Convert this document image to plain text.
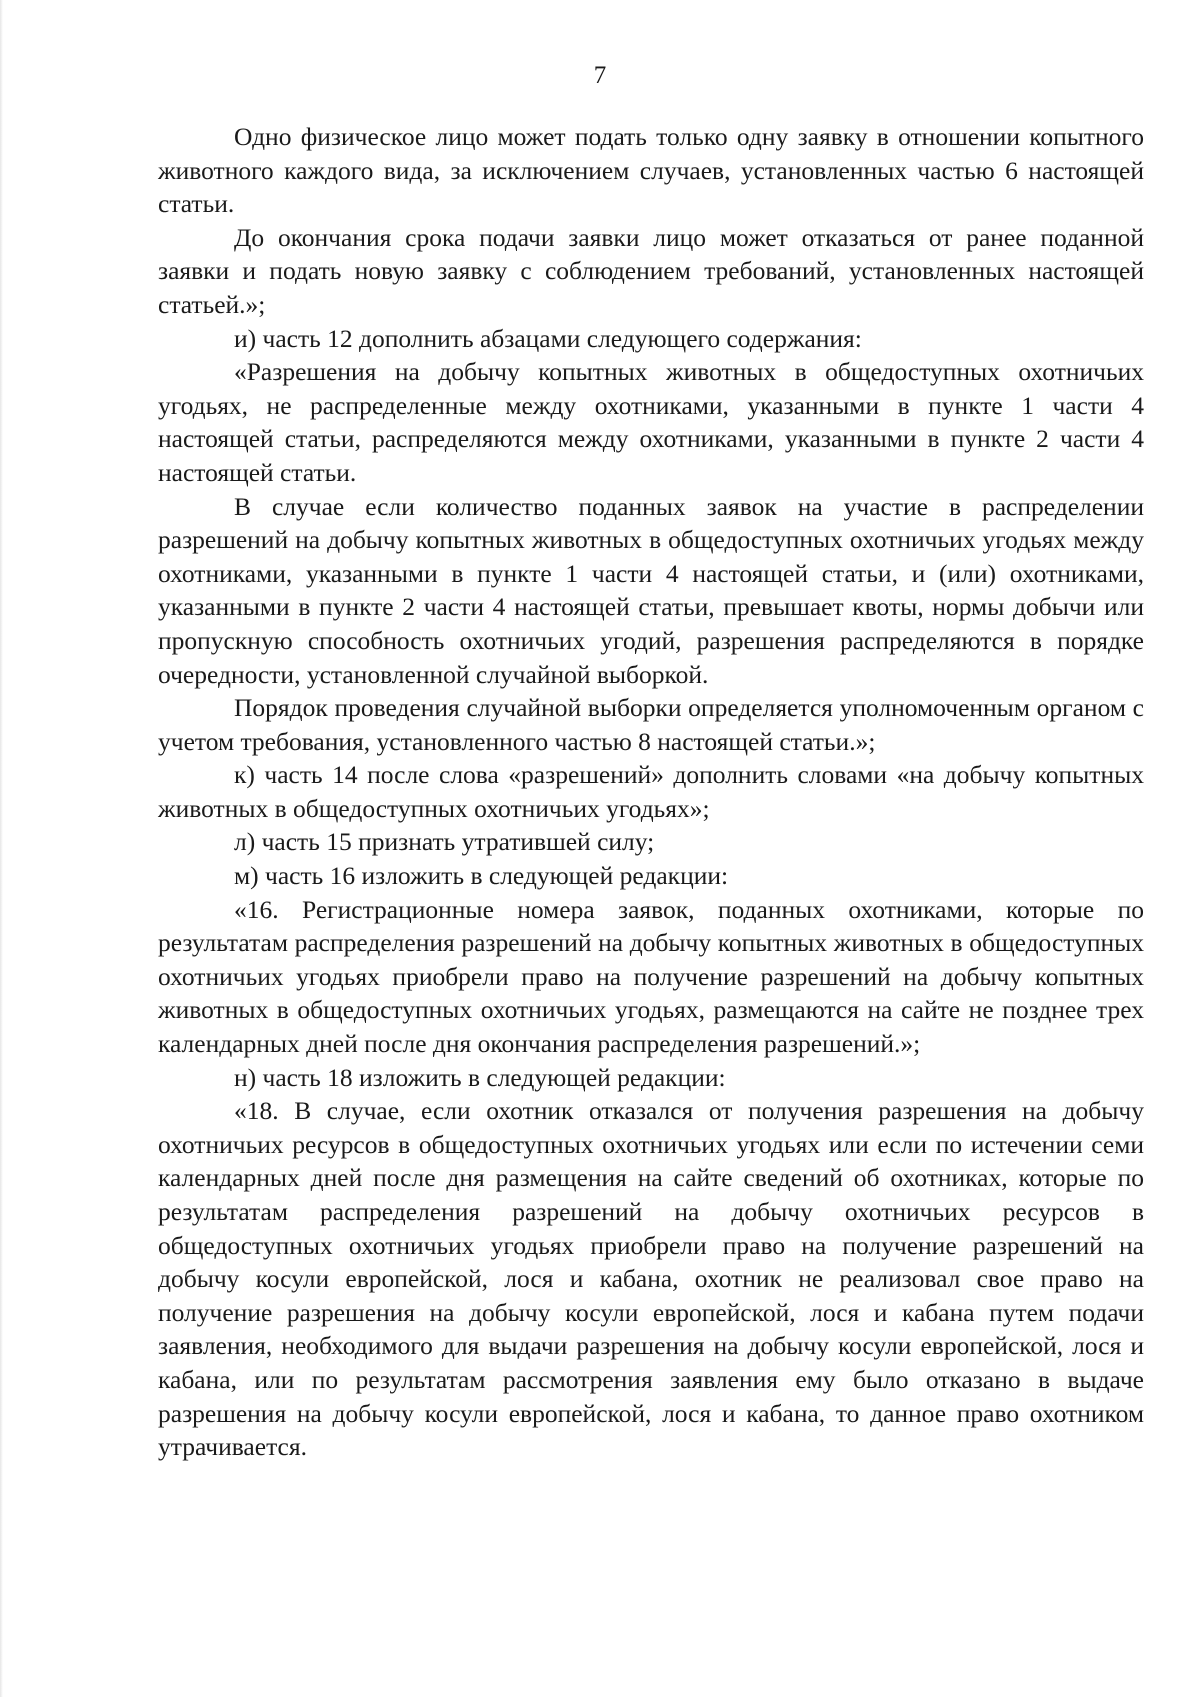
7

Одно физическое лицо может подать только одну заявку в отношении копытного животного каждого вида, за исключением случаев, установленных частью 6 настоящей статьи.

До окончания срока подачи заявки лицо может отказаться от ранее поданной заявки и подать новую заявку с соблюдением требований, установленных настоящей статьей.»;

и) часть 12 дополнить абзацами следующего содержания:

«Разрешения на добычу копытных животных в общедоступных охотничьих угодьях, не распределенные между охотниками, указанными в пункте 1 части 4 настоящей статьи, распределяются между охотниками, указанными в пункте 2 части 4 настоящей статьи.

В случае если количество поданных заявок на участие в распределении разрешений на добычу копытных животных в общедоступных охотничьих угодьях между охотниками, указанными в пункте 1 части 4 настоящей статьи, и (или) охотниками, указанными в пункте 2 части 4 настоящей статьи, превышает квоты, нормы добычи или пропускную способность охотничьих угодий, разрешения распределяются в порядке очередности, установленной случайной выборкой.

Порядок проведения случайной выборки определяется уполномоченным органом с учетом требования, установленного частью 8 настоящей статьи.»;

к) часть 14 после слова «разрешений» дополнить словами «на добычу копытных животных в общедоступных охотничьих угодьях»;

л) часть 15 признать утратившей силу;

м) часть 16 изложить в следующей редакции:

«16. Регистрационные номера заявок, поданных охотниками, которые по результатам распределения разрешений на добычу копытных животных в общедоступных охотничьих угодьях приобрели право на получение разрешений на добычу копытных животных в общедоступных охотничьих угодьях, размещаются на сайте не позднее трех календарных дней после дня окончания распределения разрешений.»;

н) часть 18 изложить в следующей редакции:

«18. В случае, если охотник отказался от получения разрешения на добычу охотничьих ресурсов в общедоступных охотничьих угодьях или если по истечении семи календарных дней после дня размещения на сайте сведений об охотниках, которые по результатам распределения разрешений на добычу охотничьих ресурсов в общедоступных охотничьих угодьях приобрели право на получение разрешений на добычу косули европейской, лося и кабана, охотник не реализовал свое право на получение разрешения на добычу косули европейской, лося и кабана путем подачи заявления, необходимого для выдачи разрешения на добычу косули европейской, лося и кабана, или по результатам рассмотрения заявления ему было отказано в выдаче разрешения на добычу косули европейской, лося и кабана, то данное право охотником утрачивается.
